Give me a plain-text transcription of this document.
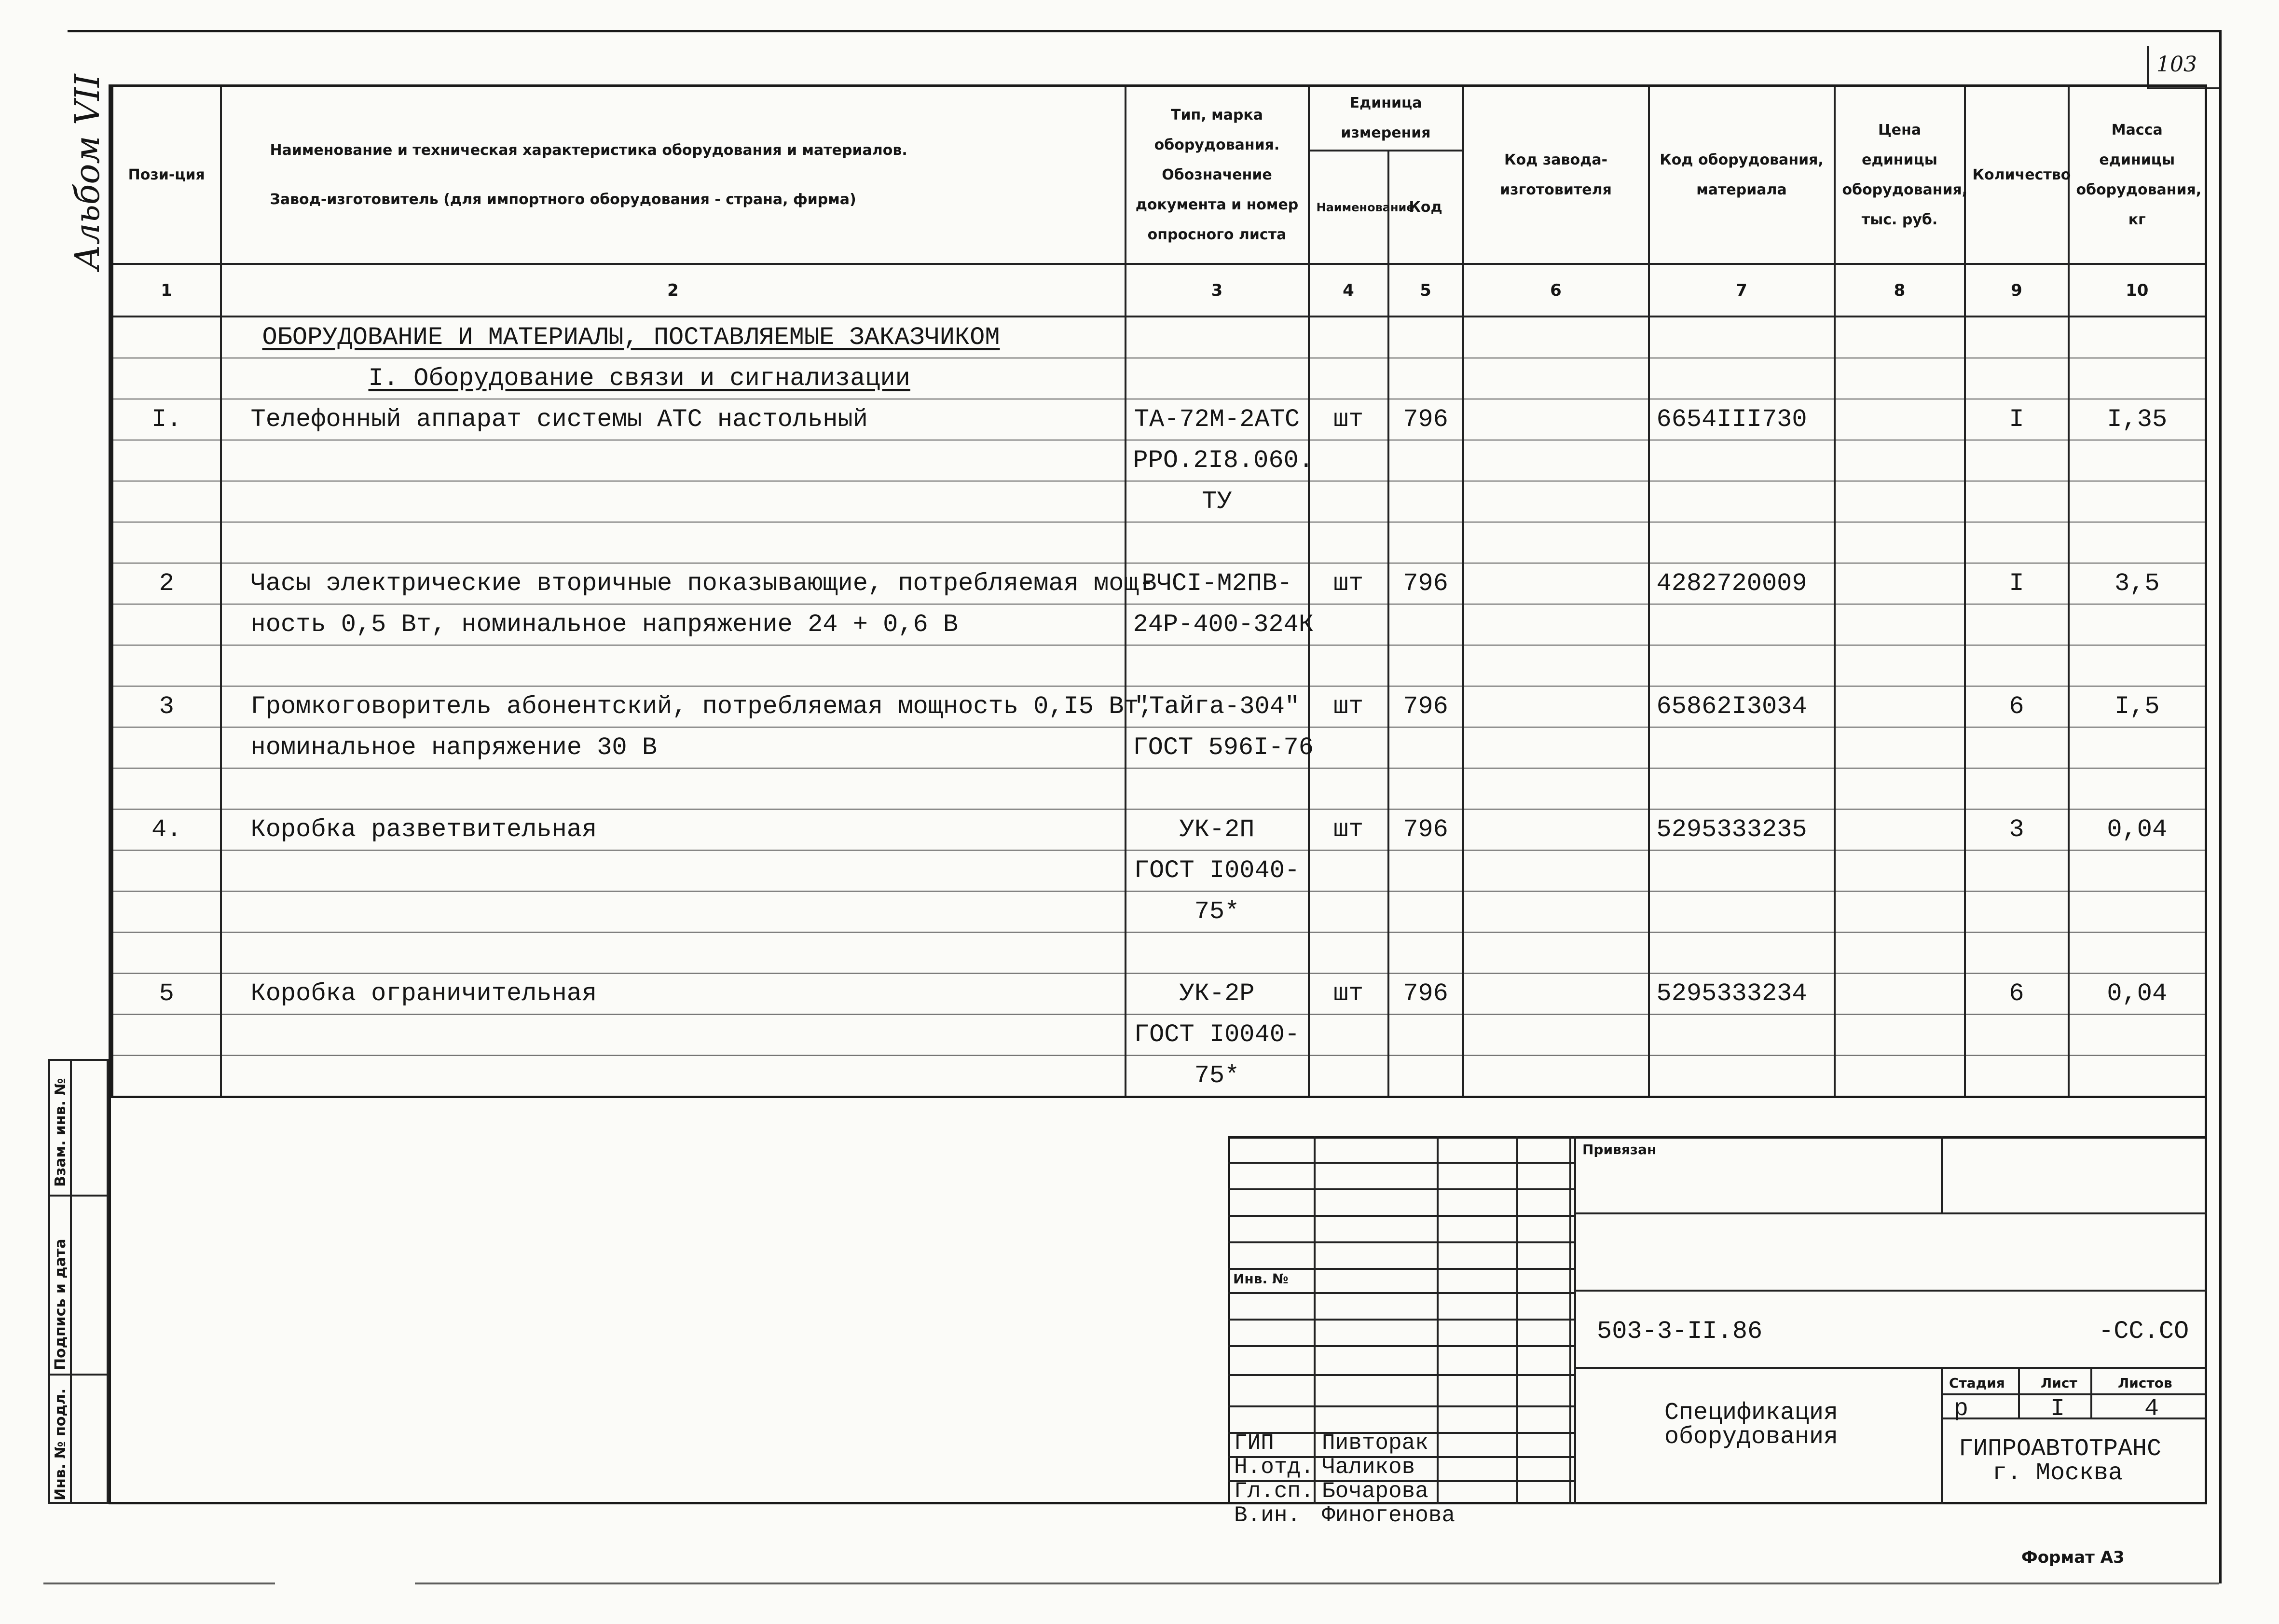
103
Альбом VII Пози-ция	Наименование и техническая характеристика оборудования и материалов.
Завод-изготовитель (для импортного оборудования - страна, фирма)	Тип, марка оборудования. Обозначение документа и номер опросного листа	Единица измерения		Код завода-изготовителя	Код оборудования, материала	Цена единицы оборудования, тыс. руб.	Количество	Масса единицы оборудования, кг
			Наименование	Код					
1	2	3	4	5	6	7	8	9	10
	ОБОРУДОВАНИЕ И МАТЕРИАЛЫ, ПОСТАВЛЯЕМЫЕ ЗАКАЗЧИКОМ								
	I. Оборудование связи и сигнализации								
I.	Телефонный аппарат системы АТС настольный	ТА-72М-2АТС	шт	796		6654III730		I	I,35
		РРО.2I8.060.							
		ТУ							

2	Часы электрические вторичные показывающие, потребляемая мощ-	ВЧСI-М2ПВ-	шт	796		4282720009		I	3,5
	ность 0,5 Вт, номинальное напряжение 24 + 0,6 В	24Р-400-324К							

3	Громкоговоритель абонентский, потребляемая мощность 0,I5 Вт,	"Тайга-304"	шт	796		65862I3034		6	I,5
	номинальное напряжение 30 В	ГОСТ 596I-76							

4.	Коробка разветвительная	УК-2П	шт	796		5295333235		3	0,04
		ГОСТ I0040-							
		75*							

5	Коробка ограничительная	УК-2Р	шт	796		5295333234		6	0,04
		ГОСТ I0040-							
		75*							
Взам. инв. №
Подпись и дата
Инв. № подл.
Привязан
Инв. №
503-3-II.86	-СС.СО
Стадия	Лист	Листов
р	I	4
Спецификация
оборудования	ГИПРОАВТОТРАНС
г. Москва
ГИП Пивторак
Н.отд. Чаликов
Гл.сп. Бочарова
В.ин. Финогенова
Формат А3
